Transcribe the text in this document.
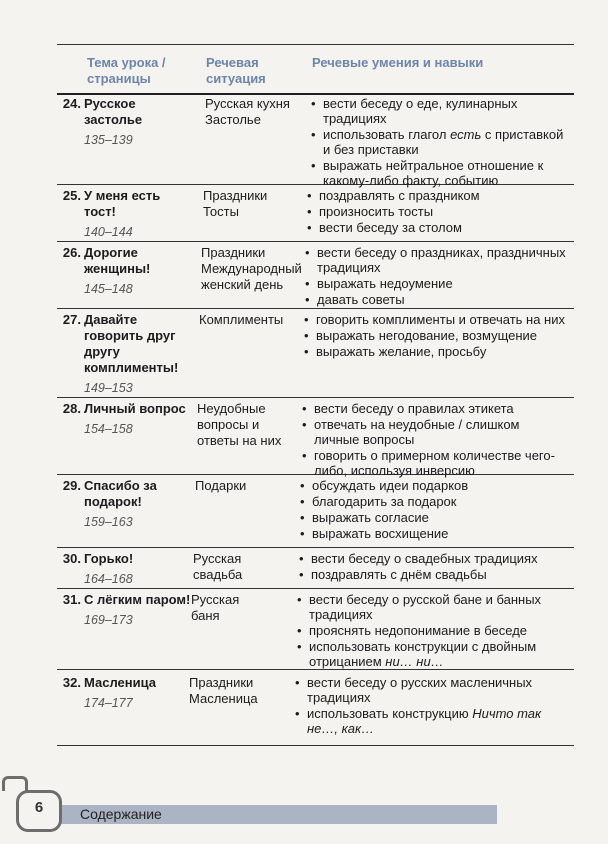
Тема урока / страницы
Речевая ситуация
Речевые умения и навыки
24. Русское застолье
135–139
Русская кухня Застолье
• вести беседу о еде, кулинарных традициях
• использовать глагол есть с приставкой и без приставки
• выражать нейтральное отношение к какому-либо факту, событию
25. У меня есть тост!
140–144
Праздники Тосты
• поздравлять с праздником
• произносить тосты
• вести беседу за столом
26. Дорогие женщины!
145–148
Праздники Международный женский день
• вести беседу о праздниках, праздничных традициях
• выражать недоумение
• давать советы
27. Давайте говорить друг другу комплименты!
149–153
Комплименты	• говорить комплименты и отвечать на них
• выражать негодование, возмущение
• выражать желание, просьбу
28. Личный вопрос
154–158
Неудобные вопросы и ответы на них
• вести беседу о правилах этикета
• отвечать на неудобные / слишком личные вопросы
• говорить о примерном количестве чего-либо, используя инверсию
29. Спасибо за подарок!
159–163
Подарки	• обсуждать идеи подарков
• благодарить за подарок
• выражать согласие
• выражать восхищение
30. Горько!
164–168
Русская свадьба
• вести беседу о свадебных традициях
• поздравлять с днём свадьбы
31. С лёгким паром!
169–173
Русская баня
• вести беседу о русской бане и банных традициях
• прояснять недопонимание в беседе
• использовать конструкции с двойным отрицанием ни… ни…
32. Масленица
174–177
Праздники Масленица
• вести беседу о русских масленичных традициях
• использовать конструкцию Ничто так не…, как…
Содержание
6
